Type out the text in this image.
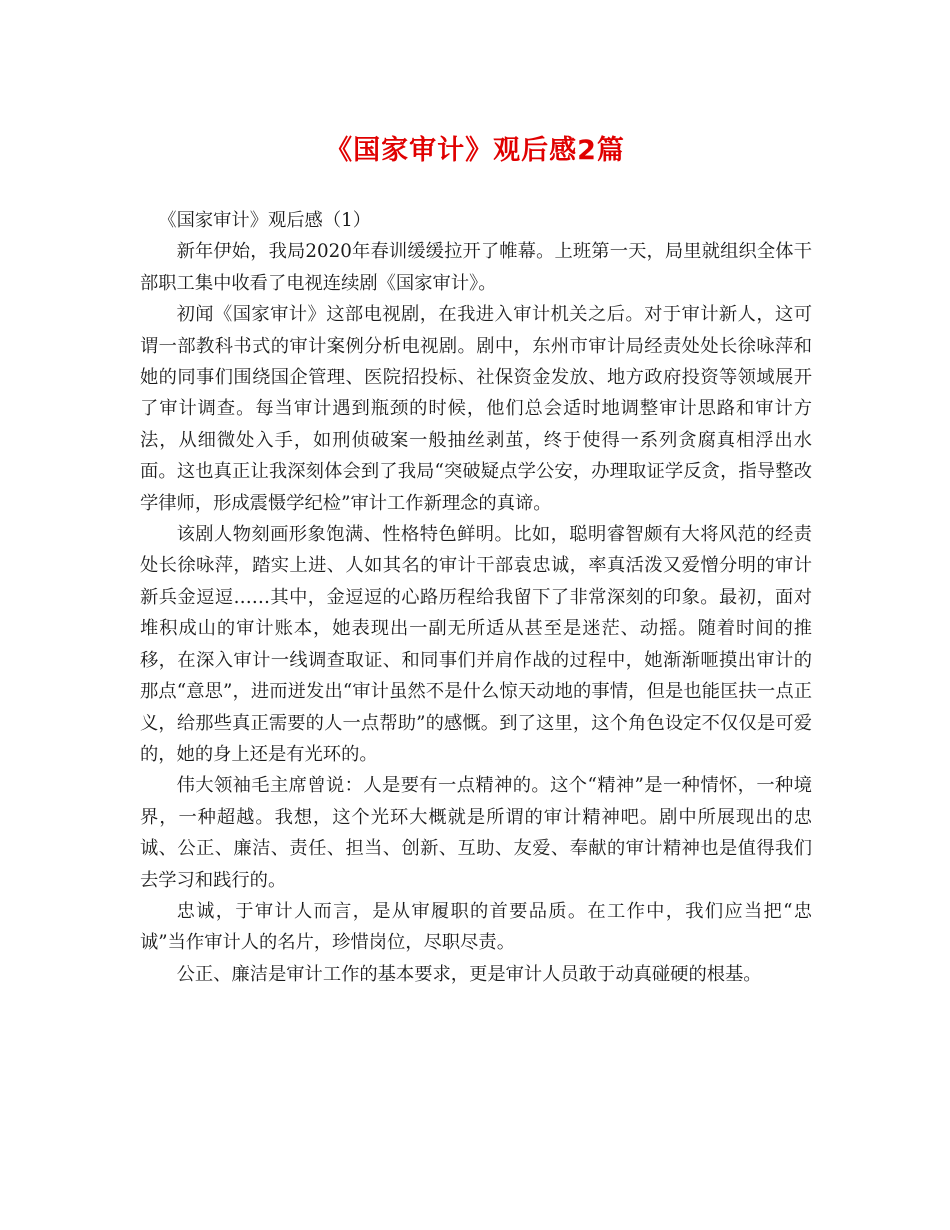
《国家审计》观后感2篇

《国家审计》观后感（1）

新年伊始，我局2020年春训缓缓拉开了帷幕。上班第一天，局里就组织全体干部职工集中收看了电视连续剧《国家审计》。

初闻《国家审计》这部电视剧，在我进入审计机关之后。对于审计新人，这可谓一部教科书式的审计案例分析电视剧。剧中，东州市审计局经责处处长徐咏萍和她的同事们围绕国企管理、医院招投标、社保资金发放、地方政府投资等领域展开了审计调查。每当审计遇到瓶颈的时候，他们总会适时地调整审计思路和审计方法，从细微处入手，如刑侦破案一般抽丝剥茧，终于使得一系列贪腐真相浮出水面。这也真正让我深刻体会到了我局“突破疑点学公安，办理取证学反贪，指导整改学律师，形成震慑学纪检”审计工作新理念的真谛。

该剧人物刻画形象饱满、性格特色鲜明。比如，聪明睿智颇有大将风范的经责处长徐咏萍，踏实上进、人如其名的审计干部袁忠诚，率真活泼又爱憎分明的审计新兵金逗逗……其中，金逗逗的心路历程给我留下了非常深刻的印象。最初，面对堆积成山的审计账本，她表现出一副无所适从甚至是迷茫、动摇。随着时间的推移，在深入审计一线调查取证、和同事们并肩作战的过程中，她渐渐咂摸出审计的那点“意思”，进而迸发出“审计虽然不是什么惊天动地的事情，但是也能匡扶一点正义，给那些真正需要的人一点帮助”的感慨。到了这里，这个角色设定不仅仅是可爱的，她的身上还是有光环的。

伟大领袖毛主席曾说：人是要有一点精神的。这个“精神”是一种情怀，一种境界，一种超越。我想，这个光环大概就是所谓的审计精神吧。剧中所展现出的忠诚、公正、廉洁、责任、担当、创新、互助、友爱、奉献的审计精神也是值得我们去学习和践行的。

忠诚，于审计人而言，是从审履职的首要品质。在工作中，我们应当把“忠诚”当作审计人的名片，珍惜岗位，尽职尽责。

公正、廉洁是审计工作的基本要求，更是审计人员敢于动真碰硬的根基。
